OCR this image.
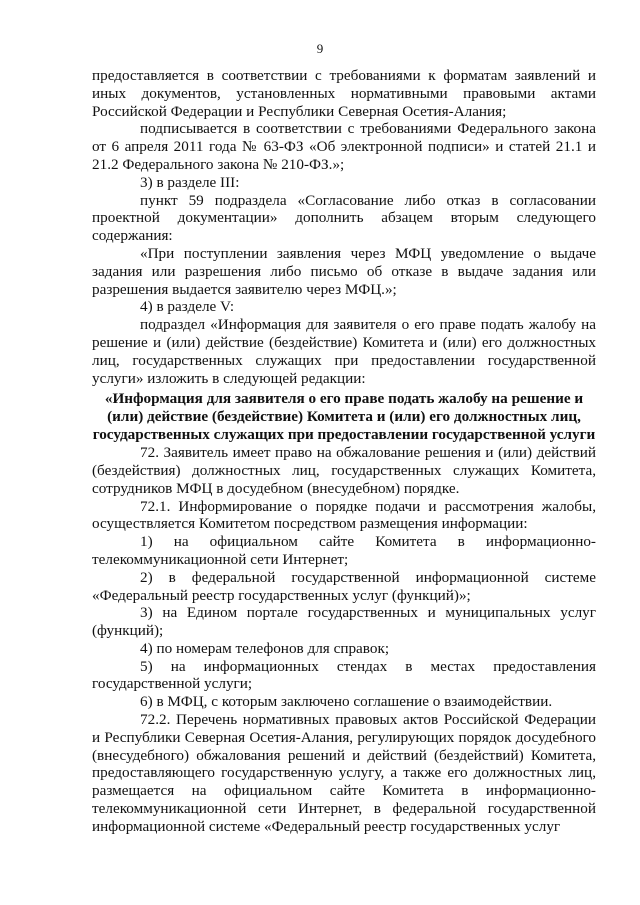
9

предоставляется в соответствии с требованиями к форматам заявлений и иных документов, установленных нормативными правовыми актами Российской Федерации и Республики Северная Осетия-Алания;

подписывается в соответствии с требованиями Федерального закона от 6 апреля 2011 года № 63-ФЗ «Об электронной подписи» и статей 21.1 и 21.2 Федерального закона № 210-ФЗ.»;

3) в разделе III:

пункт 59 подраздела «Согласование либо отказ в согласовании проектной документации» дополнить абзацем вторым следующего содержания:

«При поступлении заявления через МФЦ уведомление о выдаче задания или разрешения либо письмо об отказе в выдаче задания или разрешения выдается заявителю через МФЦ.»;

4) в разделе V:

подраздел «Информация для заявителя о его праве подать жалобу на решение и (или) действие (бездействие) Комитета и (или) его должностных лиц, государственных служащих при предоставлении государственной услуги» изложить в следующей редакции:

«Информация для заявителя о его праве подать жалобу на решение и (или) действие (бездействие) Комитета и (или) его должностных лиц, государственных служащих при предоставлении государственной услуги

72. Заявитель имеет право на обжалование решения и (или) действий (бездействия) должностных лиц, государственных служащих Комитета, сотрудников МФЦ в досудебном (внесудебном) порядке.

72.1. Информирование о порядке подачи и рассмотрения жалобы, осуществляется Комитетом посредством размещения информации:

1) на официальном сайте Комитета в информационно-телекоммуникационной сети Интернет;

2) в федеральной государственной информационной системе «Федеральный реестр государственных услуг (функций)»;

3) на Едином портале государственных и муниципальных услуг (функций);

4) по номерам телефонов для справок;

5) на информационных стендах в местах предоставления государственной услуги;

6) в МФЦ, с которым заключено соглашение о взаимодействии.

72.2. Перечень нормативных правовых актов Российской Федерации и Республики Северная Осетия-Алания, регулирующих порядок досудебного (внесудебного) обжалования решений и действий (бездействий) Комитета, предоставляющего государственную услугу, а также его должностных лиц, размещается на официальном сайте Комитета в информационно-телекоммуникационной сети Интернет, в федеральной государственной информационной системе «Федеральный реестр государственных услуг
